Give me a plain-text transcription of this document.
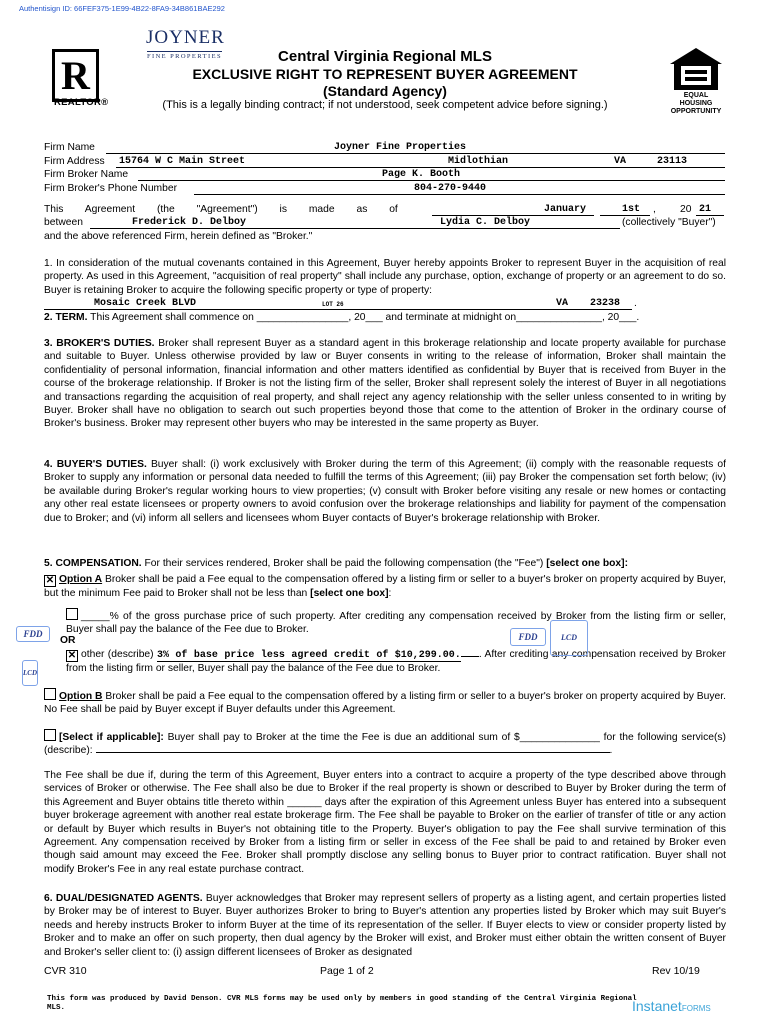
Authentisign ID: 66FEF375-1E99-4B22-8FA9-34B861BAE292
R
REALTOR®
JOYNER
FINE PROPERTIES
EQUAL HOUSING OPPORTUNITY
Central Virginia Regional MLS
EXCLUSIVE RIGHT TO REPRESENT BUYER AGREEMENT
(Standard Agency)
(This is a legally binding contract; if not understood, seek competent advice before signing.)
Firm Name	Joyner Fine Properties
Firm Address 15764 W C Main Street	Midlothian	VA	23113
Firm Broker Name	Page K. Booth
Firm Broker's Phone Number	804-270-9440
This Agreement (the "Agreement") is made as of	January	1st , 20 21
between	Frederick D. Delboy	Lydia C. Delboy	(collectively "Buyer")
and the above referenced Firm, herein defined as "Broker."
1. In consideration of the mutual covenants contained in this Agreement, Buyer hereby appoints Broker to represent Buyer in the acquisition of real property. As used in this Agreement, "acquisition of real property" shall include any purchase, option, exchange of property or an agreement to do so. Buyer is retaining Broker to acquire the following specific property or type of property:
Mosaic Creek BLVD	LOT 26	VA 23238 .
2. TERM. This Agreement shall commence on ________________, 20___ and terminate at midnight on_______________, 20___.
3. BROKER'S DUTIES. Broker shall represent Buyer as a standard agent in this brokerage relationship and locate property available for purchase and suitable to Buyer. Unless otherwise provided by law or Buyer consents in writing to the release of information, Broker shall maintain the confidentiality of personal information, financial information and other matters identified as confidential by Buyer that is received from Buyer in the course of the brokerage relationship. If Broker is not the listing firm of the seller, Broker shall represent solely the interest of Buyer in all negotiations and transactions regarding the acquisition of real property, and shall reject any agency relationship with the seller unless consented to in writing by Buyer. Broker shall have no obligation to search out such properties beyond those that come to the attention of Broker in the ordinary course of Broker's business. Broker may represent other buyers who may be interested in the same property as Buyer.
4. BUYER'S DUTIES. Buyer shall: (i) work exclusively with Broker during the term of this Agreement; (ii) comply with the reasonable requests of Broker to supply any information or personal data needed to fulfill the terms of this Agreement; (iii) pay Broker the compensation set forth below; (iv) be available during Broker's regular working hours to view properties; (v) consult with Broker before visiting any resale or new homes or contacting any other real estate licensees or property owners to avoid confusion over the brokerage relationships and liability for payment of the compensation due to Broker; and (vi) inform all sellers and licensees whom Buyer contacts of Buyer's brokerage relationship with Broker.
5. COMPENSATION. For their services rendered, Broker shall be paid the following compensation (the "Fee") [select one box]:
✕ Option A Broker shall be paid a Fee equal to the compensation offered by a listing firm or seller to a buyer's broker on property acquired by Buyer, but the minimum Fee paid to Broker shall not be less than [select one box]:
_____% of the gross purchase price of such property. After crediting any compensation received by Broker from the listing firm or seller, Buyer shall pay the balance of the Fee due to Broker.
OR
✕ other (describe) 3% of base price less agreed credit of $10,299.00. . After crediting any compensation received by Broker from the listing firm or seller, Buyer shall pay the balance of the Fee due to Broker.
Option B Broker shall be paid a Fee equal to the compensation offered by a listing firm or seller to a buyer's broker on property acquired by Buyer. No Fee shall be paid by Buyer except if Buyer defaults under this Agreement.
[Select if applicable]: Buyer shall pay to Broker at the time the Fee is due an additional sum of $______________ for the following service(s) (describe):	.
The Fee shall be due if, during the term of this Agreement, Buyer enters into a contract to acquire a property of the type described above through services of Broker or otherwise. The Fee shall also be due to Broker if the real property is shown or described to Buyer by Broker during the term of this Agreement and Buyer obtains title thereto within ______ days after the expiration of this Agreement unless Buyer has entered into a subsequent buyer brokerage agreement with another real estate brokerage firm. The Fee shall be payable to Broker on the earlier of transfer of title or any action or default by Buyer which results in Buyer's not obtaining title to the Property. Buyer's obligation to pay the Fee shall survive termination of this Agreement. Any compensation received by Broker from a listing firm or seller in excess of the Fee shall be paid to and retained by Broker even though said amount may exceed the Fee. Broker shall promptly disclose any selling bonus to Buyer prior to contract ratification. Buyer shall not modify Broker's Fee in any real estate purchase contract.
6. DUAL/DESIGNATED AGENTS. Buyer acknowledges that Broker may represent sellers of property as a listing agent, and certain properties listed by Broker may be of interest to Buyer. Buyer authorizes Broker to bring to Buyer's attention any properties listed by Broker which may suit Buyer's needs and hereby instructs Broker to inform Buyer at the time of its representation of the seller. If Buyer elects to view or consider property listed by Broker and to make an offer on such property, then dual agency by the Broker will exist, and Broker must either obtain the written consent of Buyer and Broker's seller client to: (i) assign different licensees of Broker as designated
FDD
LCD
FDD	LCD
CVR 310	Page 1 of 2	Rev 10/19
This form was produced by David Denson. CVR MLS forms may be used only by members in good standing of the Central Virginia Regional MLS.	InstanetFORMS
